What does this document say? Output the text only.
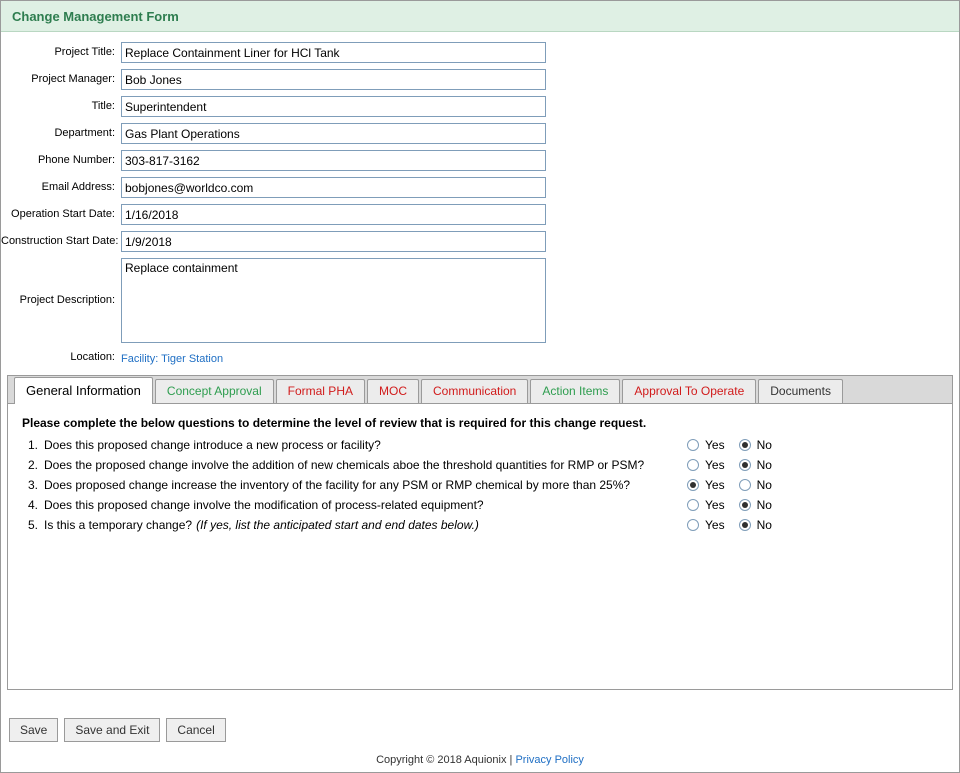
Change Management Form
Project Title:
Replace Containment Liner for HCl Tank
Project Manager:
Bob Jones
Title:
Superintendent
Department:
Gas Plant Operations
Phone Number:
303-817-3162
Email Address:
bobjones@worldco.com
Operation Start Date:
1/16/2018
Construction Start Date:
1/9/2018
Project Description:
Replace containment
Location: Facility: Tiger Station
General Information	Concept Approval	Formal PHA	MOC	Communication	Action Items	Approval To Operate	Documents
Please complete the below questions to determine the level of review that is required for this change request.
1. Does this proposed change introduce a new process or facility?	Yes	No
2. Does the proposed change involve the addition of new chemicals aboe the threshold quantities for RMP or PSM?	Yes	No
3. Does proposed change increase the inventory of the facility for any PSM or RMP chemical by more than 25%?	Yes	No
4. Does this proposed change involve the modification of process-related equipment?	Yes	No
5. Is this a temporary change? (If yes, list the anticipated start and end dates below.)	Yes	No
Save	Save and Exit	Cancel
Copyright © 2018 Aquionix | Privacy Policy
